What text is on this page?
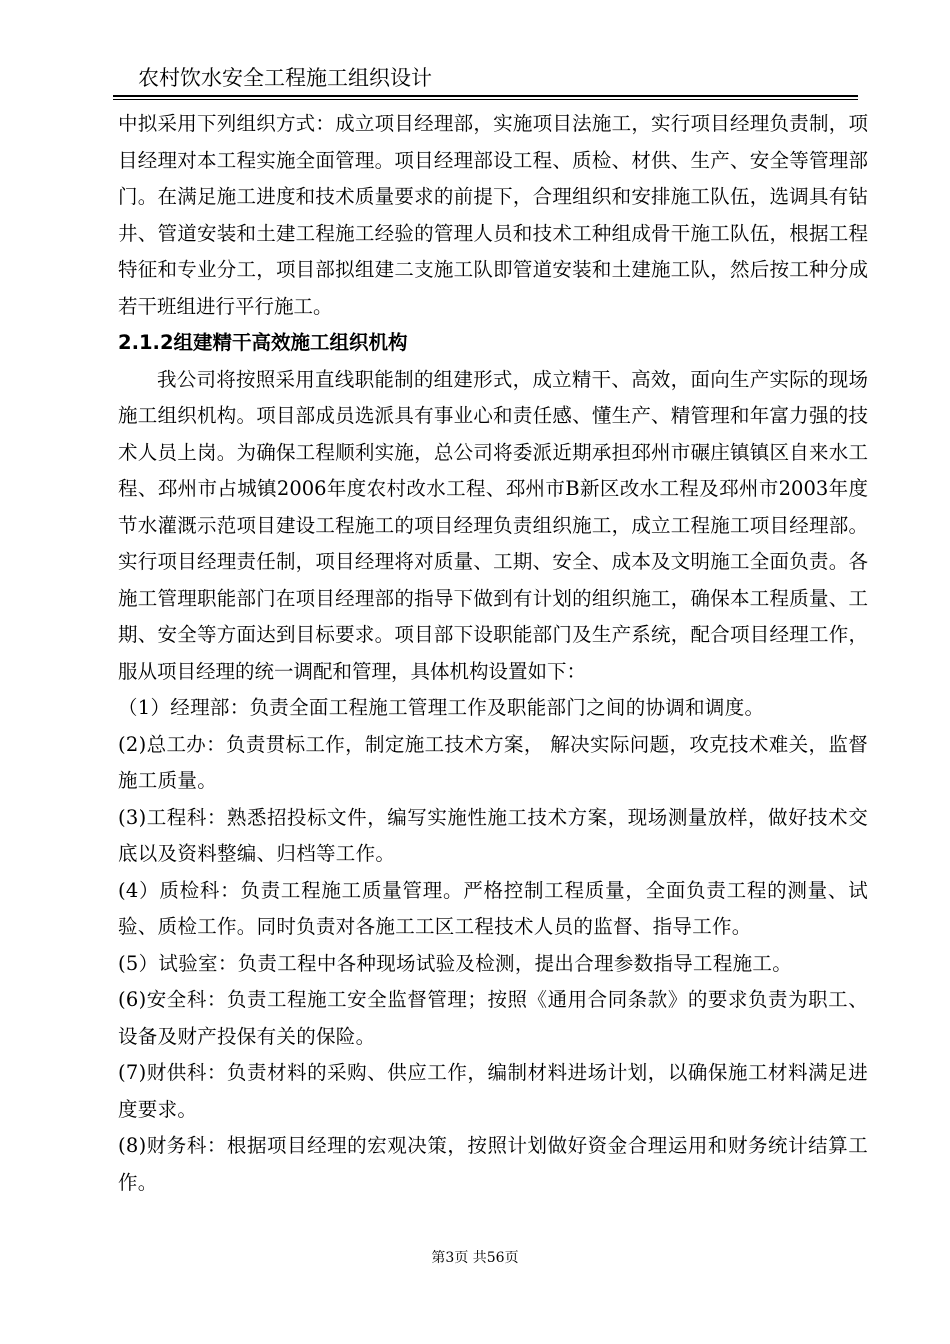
农村饮水安全工程施工组织设计

中拟采用下列组织方式：成立项目经理部，实施项目法施工，实行项目经理负责制，项目经理对本工程实施全面管理。项目经理部设工程、质检、材供、生产、安全等管理部门。在满足施工进度和技术质量要求的前提下，合理组织和安排施工队伍，选调具有钻井、管道安装和土建工程施工经验的管理人员和技术工种组成骨干施工队伍，根据工程特征和专业分工，项目部拟组建二支施工队即管道安装和土建施工队，然后按工种分成若干班组进行平行施工。

2.1.2组建精干高效施工组织机构

我公司将按照采用直线职能制的组建形式，成立精干、高效，面向生产实际的现场施工组织机构。项目部成员选派具有事业心和责任感、懂生产、精管理和年富力强的技术人员上岗。为确保工程顺利实施，总公司将委派近期承担邳州市碾庄镇镇区自来水工程、邳州市占城镇2006年度农村改水工程、邳州市B新区改水工程及邳州市2003年度节水灌溉示范项目建设工程施工的项目经理负责组织施工，成立工程施工项目经理部。实行项目经理责任制，项目经理将对质量、工期、安全、成本及文明施工全面负责。各施工管理职能部门在项目经理部的指导下做到有计划的组织施工，确保本工程质量、工期、安全等方面达到目标要求。项目部下设职能部门及生产系统，配合项目经理工作，服从项目经理的统一调配和管理，具体机构设置如下：

（1）经理部：负责全面工程施工管理工作及职能部门之间的协调和调度。

(2)总工办：负责贯标工作，制定施工技术方案， 解决实际问题，攻克技术难关，监督施工质量。

(3)工程科：熟悉招投标文件，编写实施性施工技术方案，现场测量放样，做好技术交底以及资料整编、归档等工作。

(4）质检科：负责工程施工质量管理。严格控制工程质量，全面负责工程的测量、试验、质检工作。同时负责对各施工工区工程技术人员的监督、指导工作。

(5）试验室：负责工程中各种现场试验及检测，提出合理参数指导工程施工。

(6)安全科：负责工程施工安全监督管理；按照《通用合同条款》的要求负责为职工、设备及财产投保有关的保险。

(7)财供科：负责材料的采购、供应工作，编制材料进场计划，以确保施工材料满足进度要求。

(8)财务科：根据项目经理的宏观决策，按照计划做好资金合理运用和财务统计结算工作。

第3页 共56页
